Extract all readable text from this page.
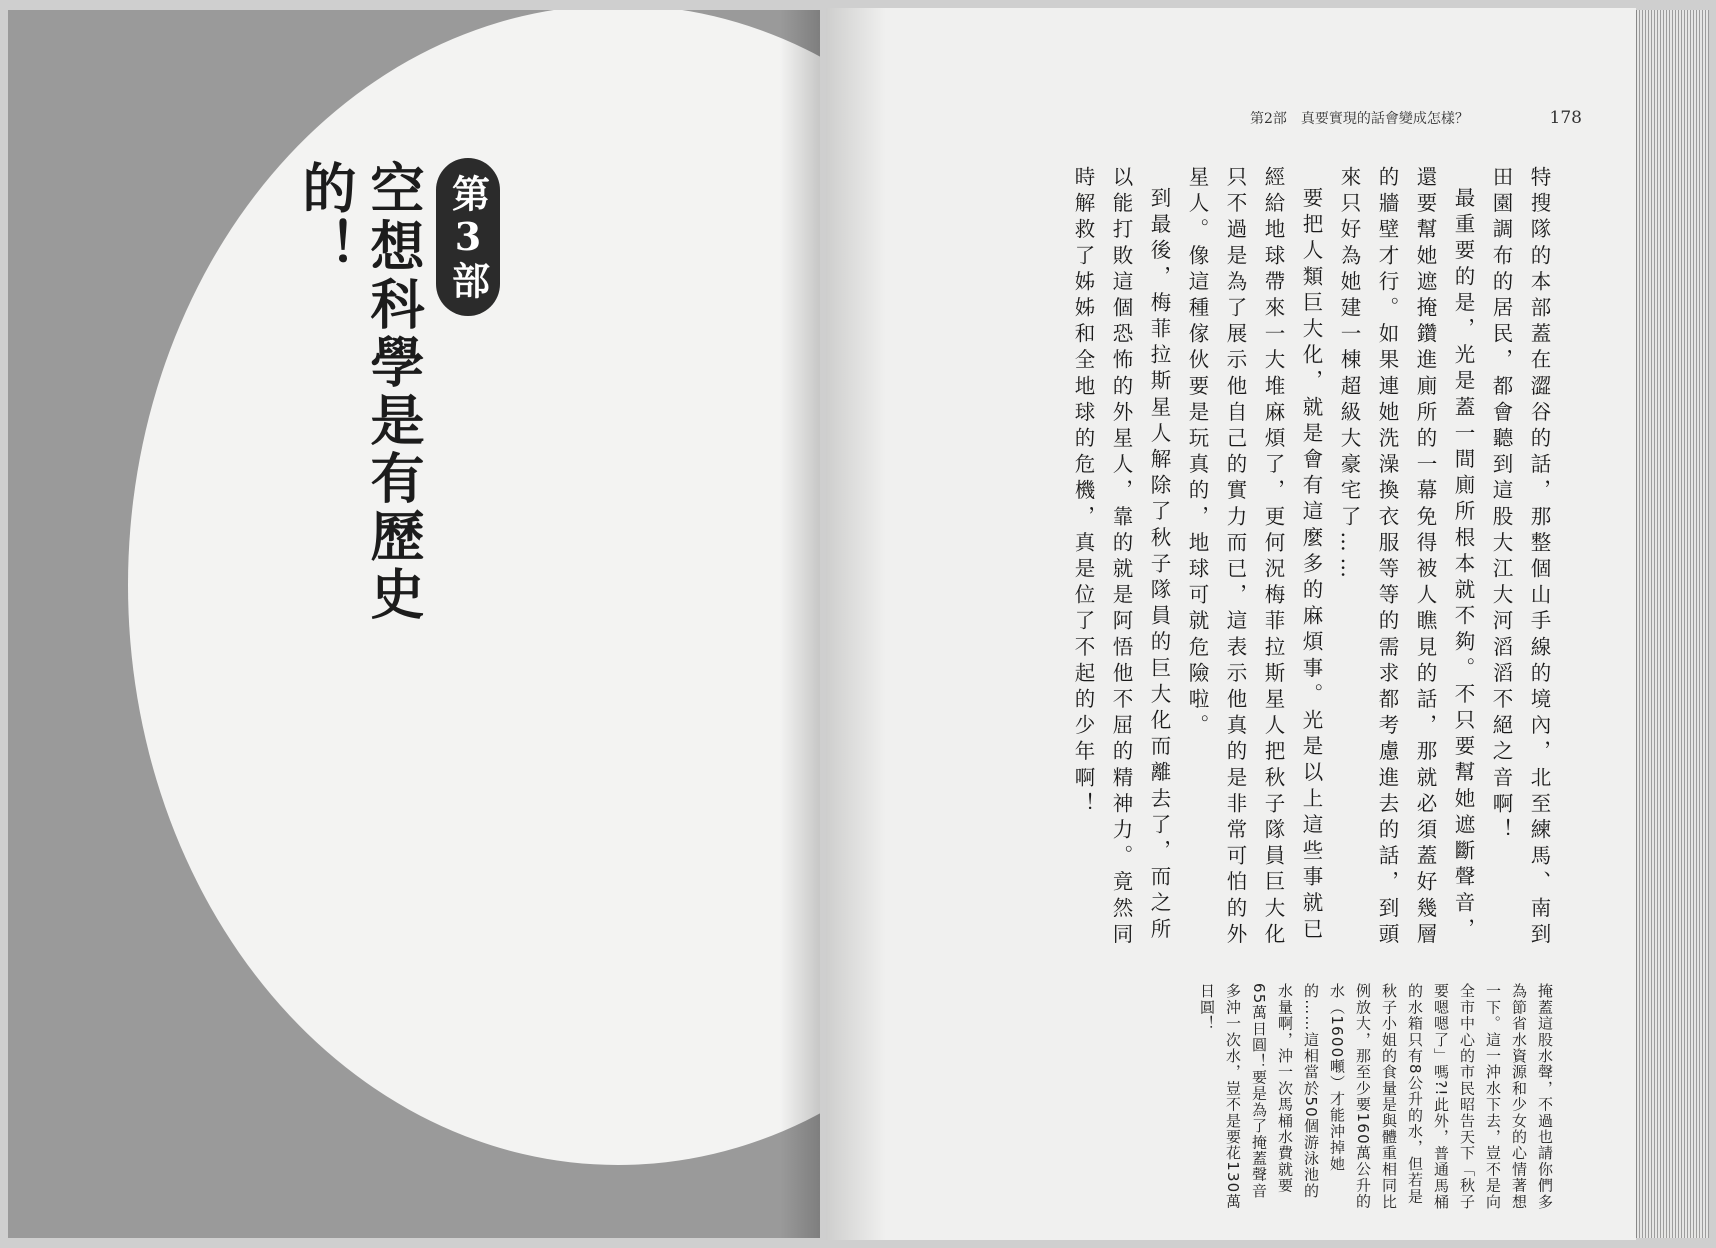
第3部
空想科學是有歷史的！
第2部 真要實現的話會變成怎樣？	178

特搜隊的本部蓋在澀谷的話，那整個山手線的境內，北至練馬、南到田園調布的居民，都會聽到這股大江大河滔滔不絕之音啊！

最重要的是，光是蓋一間廁所根本就不夠。不只要幫她遮斷聲音，還要幫她遮掩鑽進廁所的一幕免得被人瞧見的話，那就必須蓋好幾層的牆壁才行。如果連她洗澡換衣服等等的需求都考慮進去的話，到頭來只好為她建一棟超級大豪宅了……

要把人類巨大化，就是會有這麼多的麻煩事。光是以上這些事就已經給地球帶來一大堆麻煩了，更何況梅菲拉斯星人把秋子隊員巨大化只不過是為了展示他自己的實力而已，這表示他真的是非常可怕的外星人。像這種傢伙要是玩真的，地球可就危險啦。

到最後，梅菲拉斯星人解除了秋子隊員的巨大化而離去了，而之所以能打敗這個恐怖的外星人，靠的就是阿悟他不屈的精神力。竟然同時解救了姊姊和全地球的危機，真是位了不起的少年啊！

掩蓋這股水聲，不過也請你們多為節省水資源和少女的心情著想一下。這一沖水下去，豈不是向全市中心的市民昭告天下「秋子要嗯嗯了」嗎?!此外，普通馬桶的水箱只有8公升的水，但若是秋子小姐的食量是與體重相同比例放大，那至少要160萬公升的水（1600噸）才能沖掉她的……這相當於50個游泳池的水量啊，沖一次馬桶水費就要65萬日圓！要是為了掩蓋聲音多沖一次水，豈不是要花130萬日圓！
